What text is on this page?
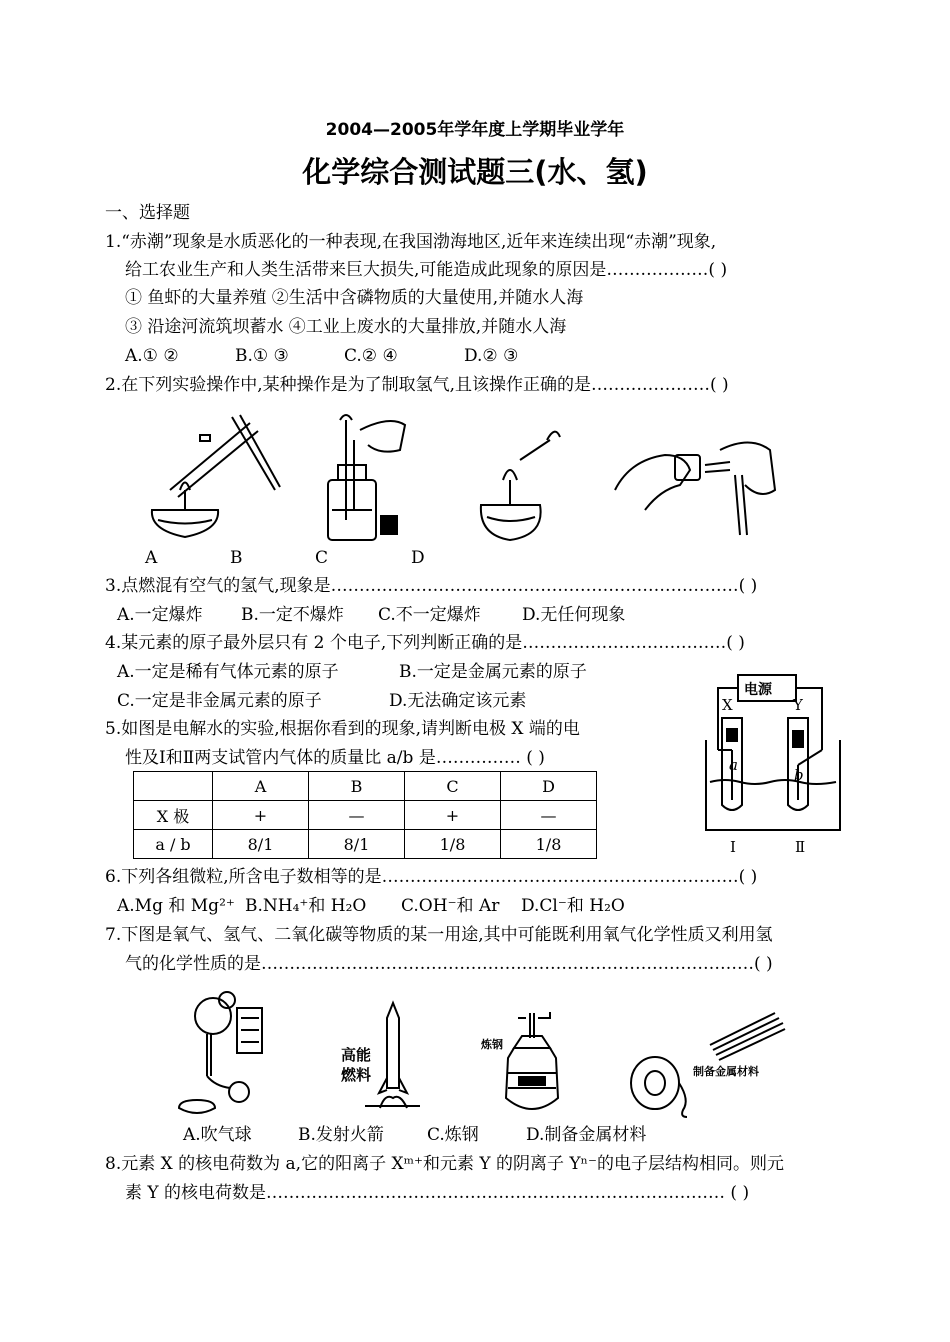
2004—2005年学年度上学期毕业学年
化学综合测试题三(水、氢)
一、选择题
1.“赤潮”现象是水质恶化的一种表现,在我国渤海地区,近年来连续出现“赤潮”现象,
给工农业生产和人类生活带来巨大损失,可能造成此现象的原因是………………( )
① 鱼虾的大量养殖 ②生活中含磷物质的大量使用,并随水人海
③ 沿途河流筑坝蓄水 ④工业上废水的大量排放,并随水人海
A.① ②	B.① ③	C.② ④	D.② ③
2.在下列实验操作中,某种操作是为了制取氢气,且该操作正确的是…………………( )
A	B	C	D
3.点燃混有空气的氢气,现象是………………………………………………………………( )
A.一定爆炸 B.一定不爆炸 C.不一定爆炸 D.无任何现象
4.某元素的原子最外层只有 2 个电子,下列判断正确的是………………………………( )
A.一定是稀有气体元素的原子	B.一定是金属元素的原子
C.一定是非金属元素的原子	D.无法确定该元素
5.如图是电解水的实验,根据你看到的现象,请判断电极 X 端的电
性及Ⅰ和Ⅱ两支试管内气体的质量比 a/b 是…………… ( )
	A	B	C	D
X 极	+	—	+	—
a / b	8/1	8/1	1/8	1/8
电源
X	Y
a
b
Ⅰ	Ⅱ
6.下列各组微粒,所含电子数相等的是………………………………………………………( )
A.Mg 和 Mg²⁺ B.NH₄⁺和 H₂O C.OH⁻和 Ar D.Cl⁻和 H₂O
7.下图是氧气、氢气、二氧化碳等物质的某一用途,其中可能既利用氧气化学性质又利用氢
气的化学性质的是……………………………………………………………………………( )
高能
燃料
炼钢
制备金属材料
A.吹气球	B.发射火箭	C.炼钢	D.制备金属材料
8.元素 X 的核电荷数为 a,它的阳离子 Xᵐ⁺和元素 Y 的阴离子 Yⁿ⁻的电子层结构相同。则元
素 Y 的核电荷数是……………………………………………………………………… ( )
